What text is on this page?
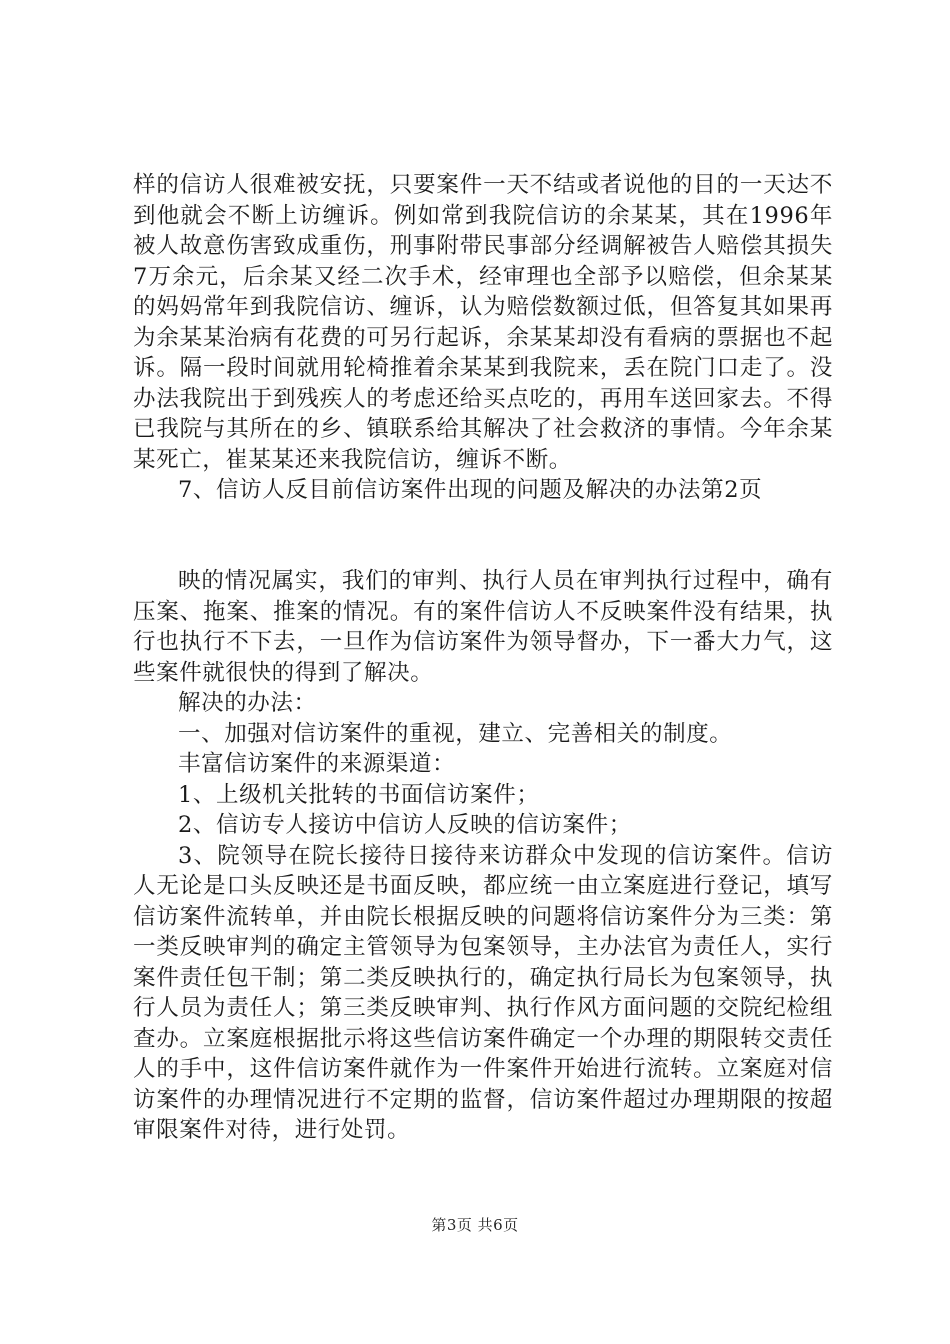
样的信访人很难被安抚，只要案件一天不结或者说他的目的一天达不到他就会不断上访缠诉。例如常到我院信访的余某某，其在1996年被人故意伤害致成重伤，刑事附带民事部分经调解被告人赔偿其损失7万余元，后余某又经二次手术，经审理也全部予以赔偿，但余某某的妈妈常年到我院信访、缠诉，认为赔偿数额过低，但答复其如果再为余某某治病有花费的可另行起诉，余某某却没有看病的票据也不起诉。隔一段时间就用轮椅推着余某某到我院来，丢在院门口走了。没办法我院出于到残疾人的考虑还给买点吃的，再用车送回家去。不得已我院与其所在的乡、镇联系给其解决了社会救济的事情。今年余某某死亡，崔某某还来我院信访，缠诉不断。

7、信访人反目前信访案件出现的问题及解决的办法第2页

映的情况属实，我们的审判、执行人员在审判执行过程中，确有压案、拖案、推案的情况。有的案件信访人不反映案件没有结果，执行也执行不下去，一旦作为信访案件为领导督办，下一番大力气，这些案件就很快的得到了解决。

解决的办法：

一、加强对信访案件的重视，建立、完善相关的制度。

丰富信访案件的来源渠道：

1、上级机关批转的书面信访案件；

2、信访专人接访中信访人反映的信访案件；

3、院领导在院长接待日接待来访群众中发现的信访案件。信访人无论是口头反映还是书面反映，都应统一由立案庭进行登记，填写信访案件流转单，并由院长根据反映的问题将信访案件分为三类：第一类反映审判的确定主管领导为包案领导，主办法官为责任人，实行案件责任包干制；第二类反映执行的，确定执行局长为包案领导，执行人员为责任人；第三类反映审判、执行作风方面问题的交院纪检组查办。立案庭根据批示将这些信访案件确定一个办理的期限转交责任人的手中，这件信访案件就作为一件案件开始进行流转。立案庭对信访案件的办理情况进行不定期的监督，信访案件超过办理期限的按超审限案件对待，进行处罚。

第3页 共6页
